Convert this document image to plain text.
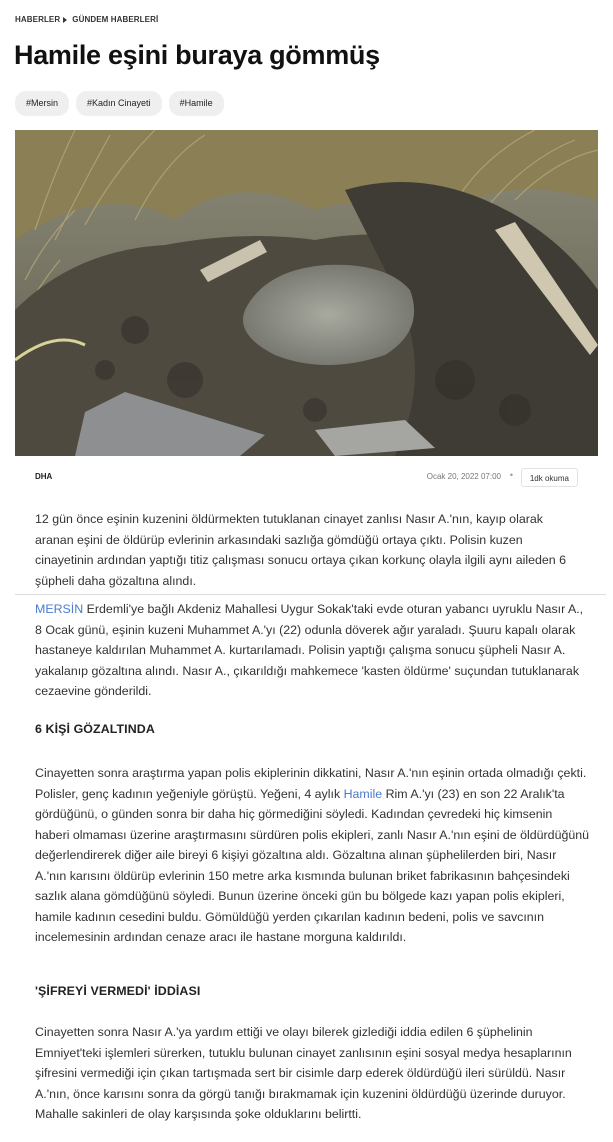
HABERLER GÜNDEM HABERLERİ
Hamile eşini buraya gömmüş
#Mersin	#Kadın Cinayeti	#Hamile
DHA	Ocak 20, 2022 07:00 •	1dk okuma

12 gün önce eşinin kuzenini öldürmekten tutuklanan cinayet zanlısı Nasır A.'nın, kayıp olarak aranan eşini de öldürüp evlerinin arkasındaki sazlığa gömdüğü ortaya çıktı. Polisin kuzen cinayetinin ardından yaptığı titiz çalışması sonucu ortaya çıkan korkunç olayla ilgili aynı aileden 6 şüpheli daha gözaltına alındı.

MERSİN Erdemli'ye bağlı Akdeniz Mahallesi Uygur Sokak'taki evde oturan yabancı uyruklu Nasır A., 8 Ocak günü, eşinin kuzeni Muhammet A.'yı (22) odunla döverek ağır yaraladı. Şuuru kapalı olarak hastaneye kaldırılan Muhammet A. kurtarılamadı. Polisin yaptığı çalışma sonucu şüpheli Nasır A. yakalanıp gözaltına alındı. Nasır A., çıkarıldığı mahkemece 'kasten öldürme' suçundan tutuklanarak cezaevine gönderildi.

6 KİŞİ GÖZALTINDA

Cinayetten sonra araştırma yapan polis ekiplerinin dikkatini, Nasır A.'nın eşinin ortada olmadığı çekti. Polisler, genç kadının yeğeniyle görüştü. Yeğeni, 4 aylık Hamile Rim A.'yı (23) en son 22 Aralık'ta gördüğünü, o günden sonra bir daha hiç görmediğini söyledi. Kadından çevredeki hiç kimsenin haberi olmaması üzerine araştırmasını sürdüren polis ekipleri, zanlı Nasır A.'nın eşini de öldürdüğünü değerlendirerek diğer aile bireyi 6 kişiyi gözaltına aldı. Gözaltına alınan şüphelilerden biri, Nasır A.'nın karısını öldürüp evlerinin 150 metre arka kısmında bulunan briket fabrikasının bahçesindeki sazlık alana gömdüğünü söyledi. Bunun üzerine önceki gün bu bölgede kazı yapan polis ekipleri, hamile kadının cesedini buldu. Gömüldüğü yerden çıkarılan kadının bedeni, polis ve savcının incelemesinin ardından cenaze aracı ile hastane morguna kaldırıldı.

'ŞİFREYİ VERMEDİ' İDDİASI

Cinayetten sonra Nasır A.'ya yardım ettiği ve olayı bilerek gizlediği iddia edilen 6 şüphelinin Emniyet'teki işlemleri sürerken, tutuklu bulunan cinayet zanlısının eşini sosyal medya hesaplarının şifresini vermediği için çıkan tartışmada sert bir cisimle darp ederek öldürdüğü ileri sürüldü. Nasır A.'nın, önce karısını sonra da görgü tanığı bırakmamak için kuzenini öldürdüğü üzerinde duruyor. Mahalle sakinleri de olay karşısında şoke olduklarını belirtti.
